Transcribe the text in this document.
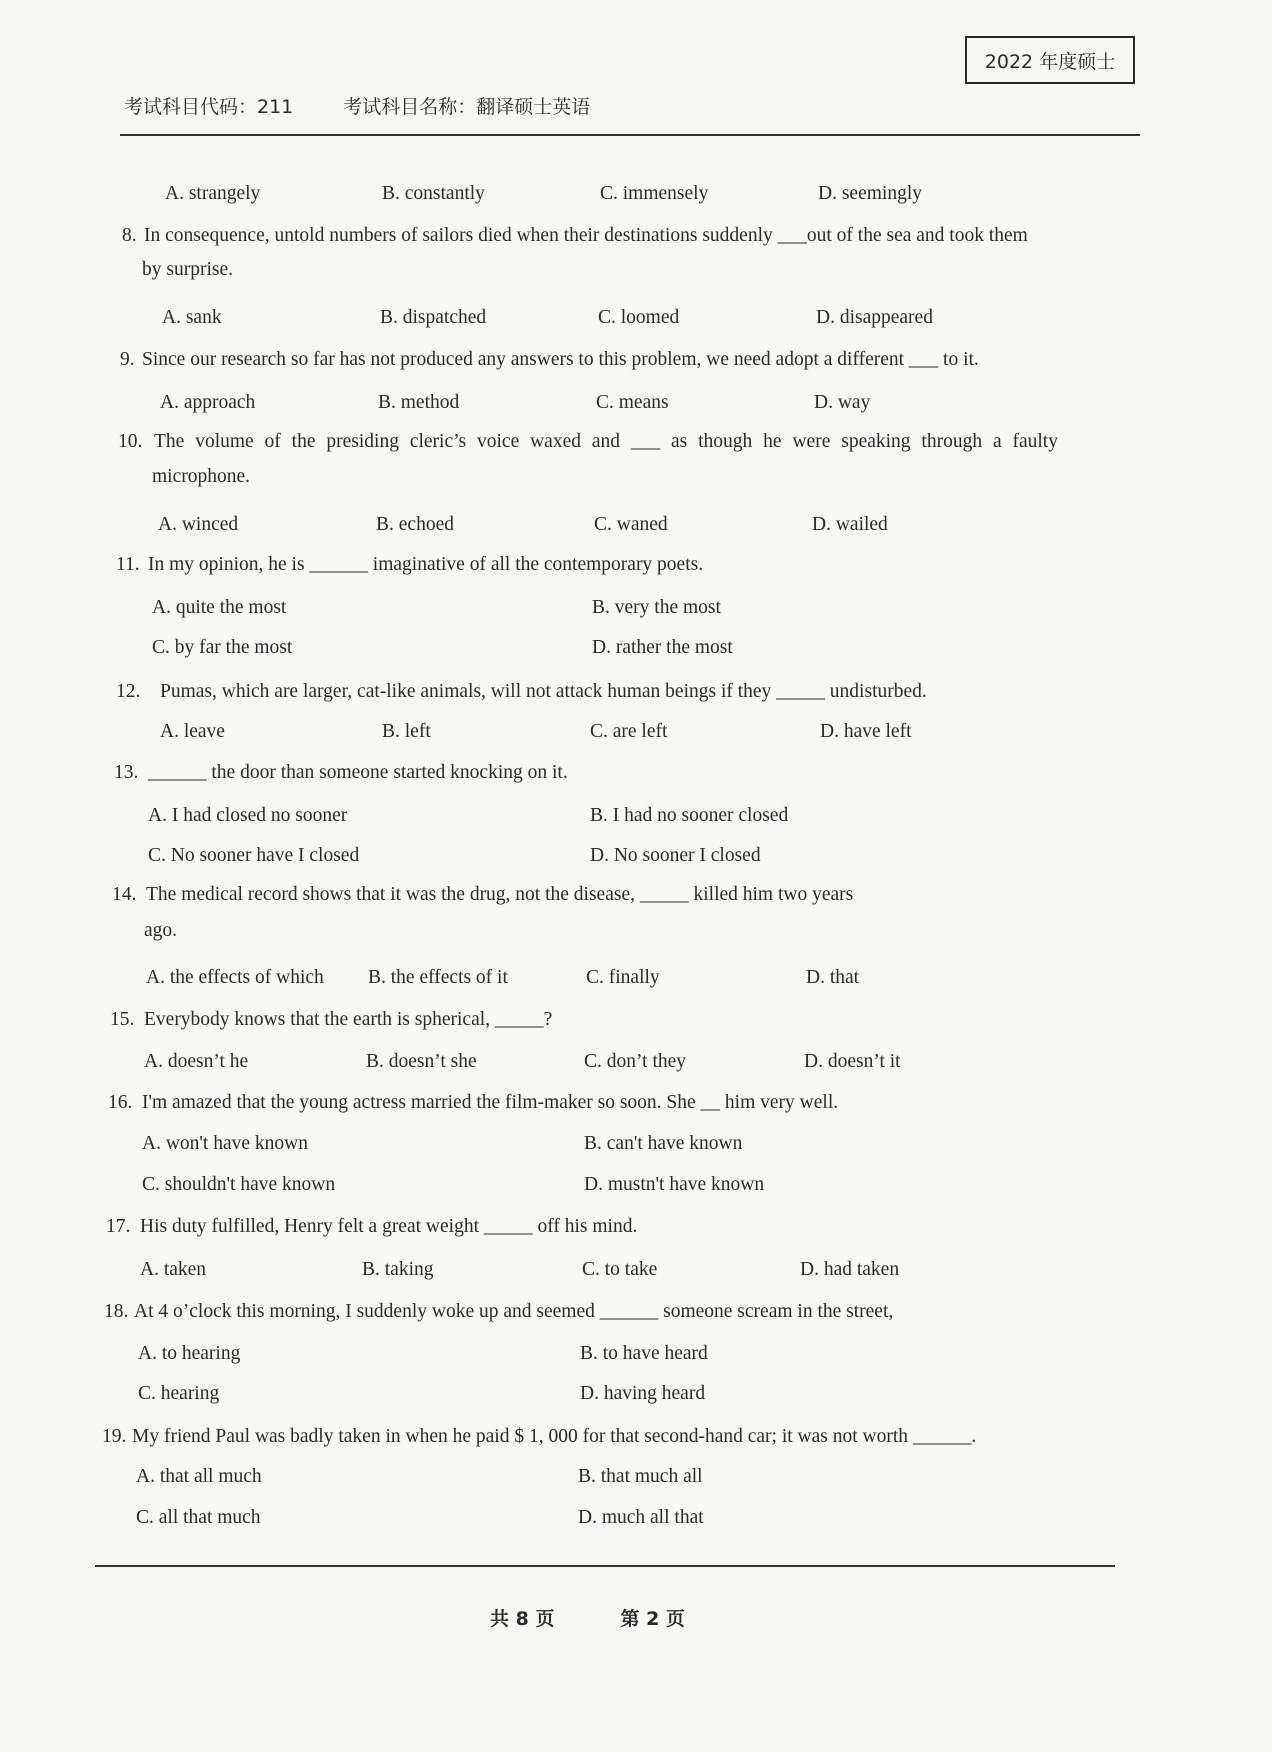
2022 年度硕士
考试科目代码：211	考试科目名称：翻译硕士英语
A. strangely	B. constantly	C. immensely	D. seemingly
8. In consequence, untold numbers of sailors died when their destinations suddenly ___out of the sea and took them
by surprise.
A. sank	B. dispatched	C. loomed	D. disappeared
9. Since our research so far has not produced any answers to this problem, we need adopt a different ___ to it.
A. approach	B. method	C. means	D. way
10. The volume of the presiding cleric’s voice waxed and ___ as though he were speaking through a faulty
microphone.
A. winced	B. echoed	C. waned	D. wailed
11. In my opinion, he is ______ imaginative of all the contemporary poets.
A. quite the most	B. very the most
C. by far the most	D. rather the most
12. Pumas, which are larger, cat-like animals, will not attack human beings if they _____ undisturbed.
A. leave	B. left	C. are left	D. have left
13. ______ the door than someone started knocking on it.
A. I had closed no sooner	B. I had no sooner closed
C. No sooner have I closed	D. No sooner I closed
14. The medical record shows that it was the drug, not the disease, _____ killed him two years
ago.
A. the effects of which B. the effects of it	C. finally	D. that
15. Everybody knows that the earth is spherical, _____?
A. doesn’t he	B. doesn’t she	C. don’t they	D. doesn’t it
16. I'm amazed that the young actress married the film-maker so soon. She __ him very well.
A. won't have known	B. can't have known
C. shouldn't have known	D. mustn't have known
17. His duty fulfilled, Henry felt a great weight _____ off his mind.
A. taken	B. taking	C. to take	D. had taken
18. At 4 o’clock this morning, I suddenly woke up and seemed ______ someone scream in the street,
A. to hearing	B. to have heard
C. hearing	D. having heard
19. My friend Paul was badly taken in when he paid $ 1, 000 for that second-hand car; it was not worth ______.
A. that all much	B. that much all
C. all that much	D. much all that
共 8 页	第 2 页
